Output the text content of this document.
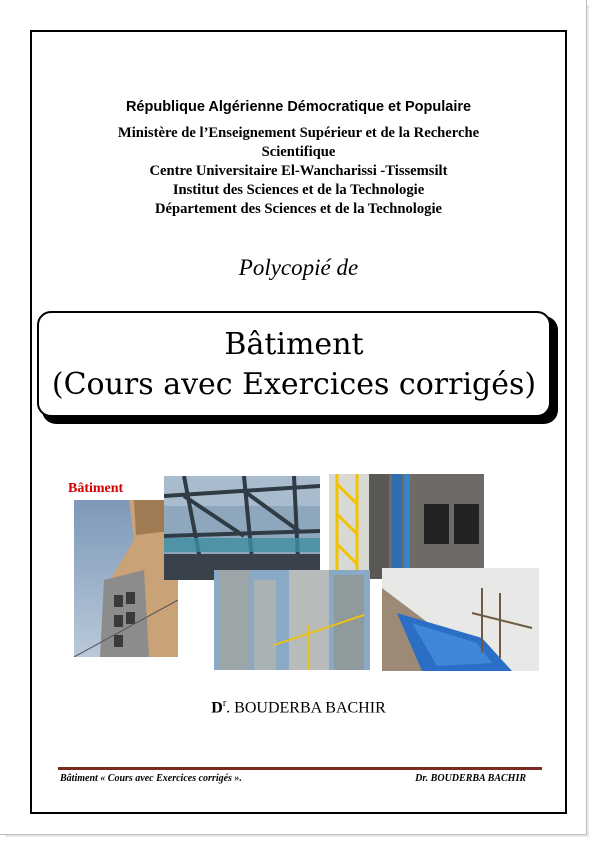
République Algérienne Démocratique et Populaire
Ministère de l’Enseignement Supérieur et de la Recherche
Scientifique
Centre Universitaire El-Wancharissi -Tissemsilt
Institut des Sciences et de la Technologie
Département des Sciences et de la Technologie
Polycopié de
Bâtiment
(Cours avec Exercices corrigés)
Bâtiment
$D^r$. BOUDERBA BACHIR
Bâtiment « Cours avec Exercices corrigés ».	Dr. BOUDERBA BACHIR
